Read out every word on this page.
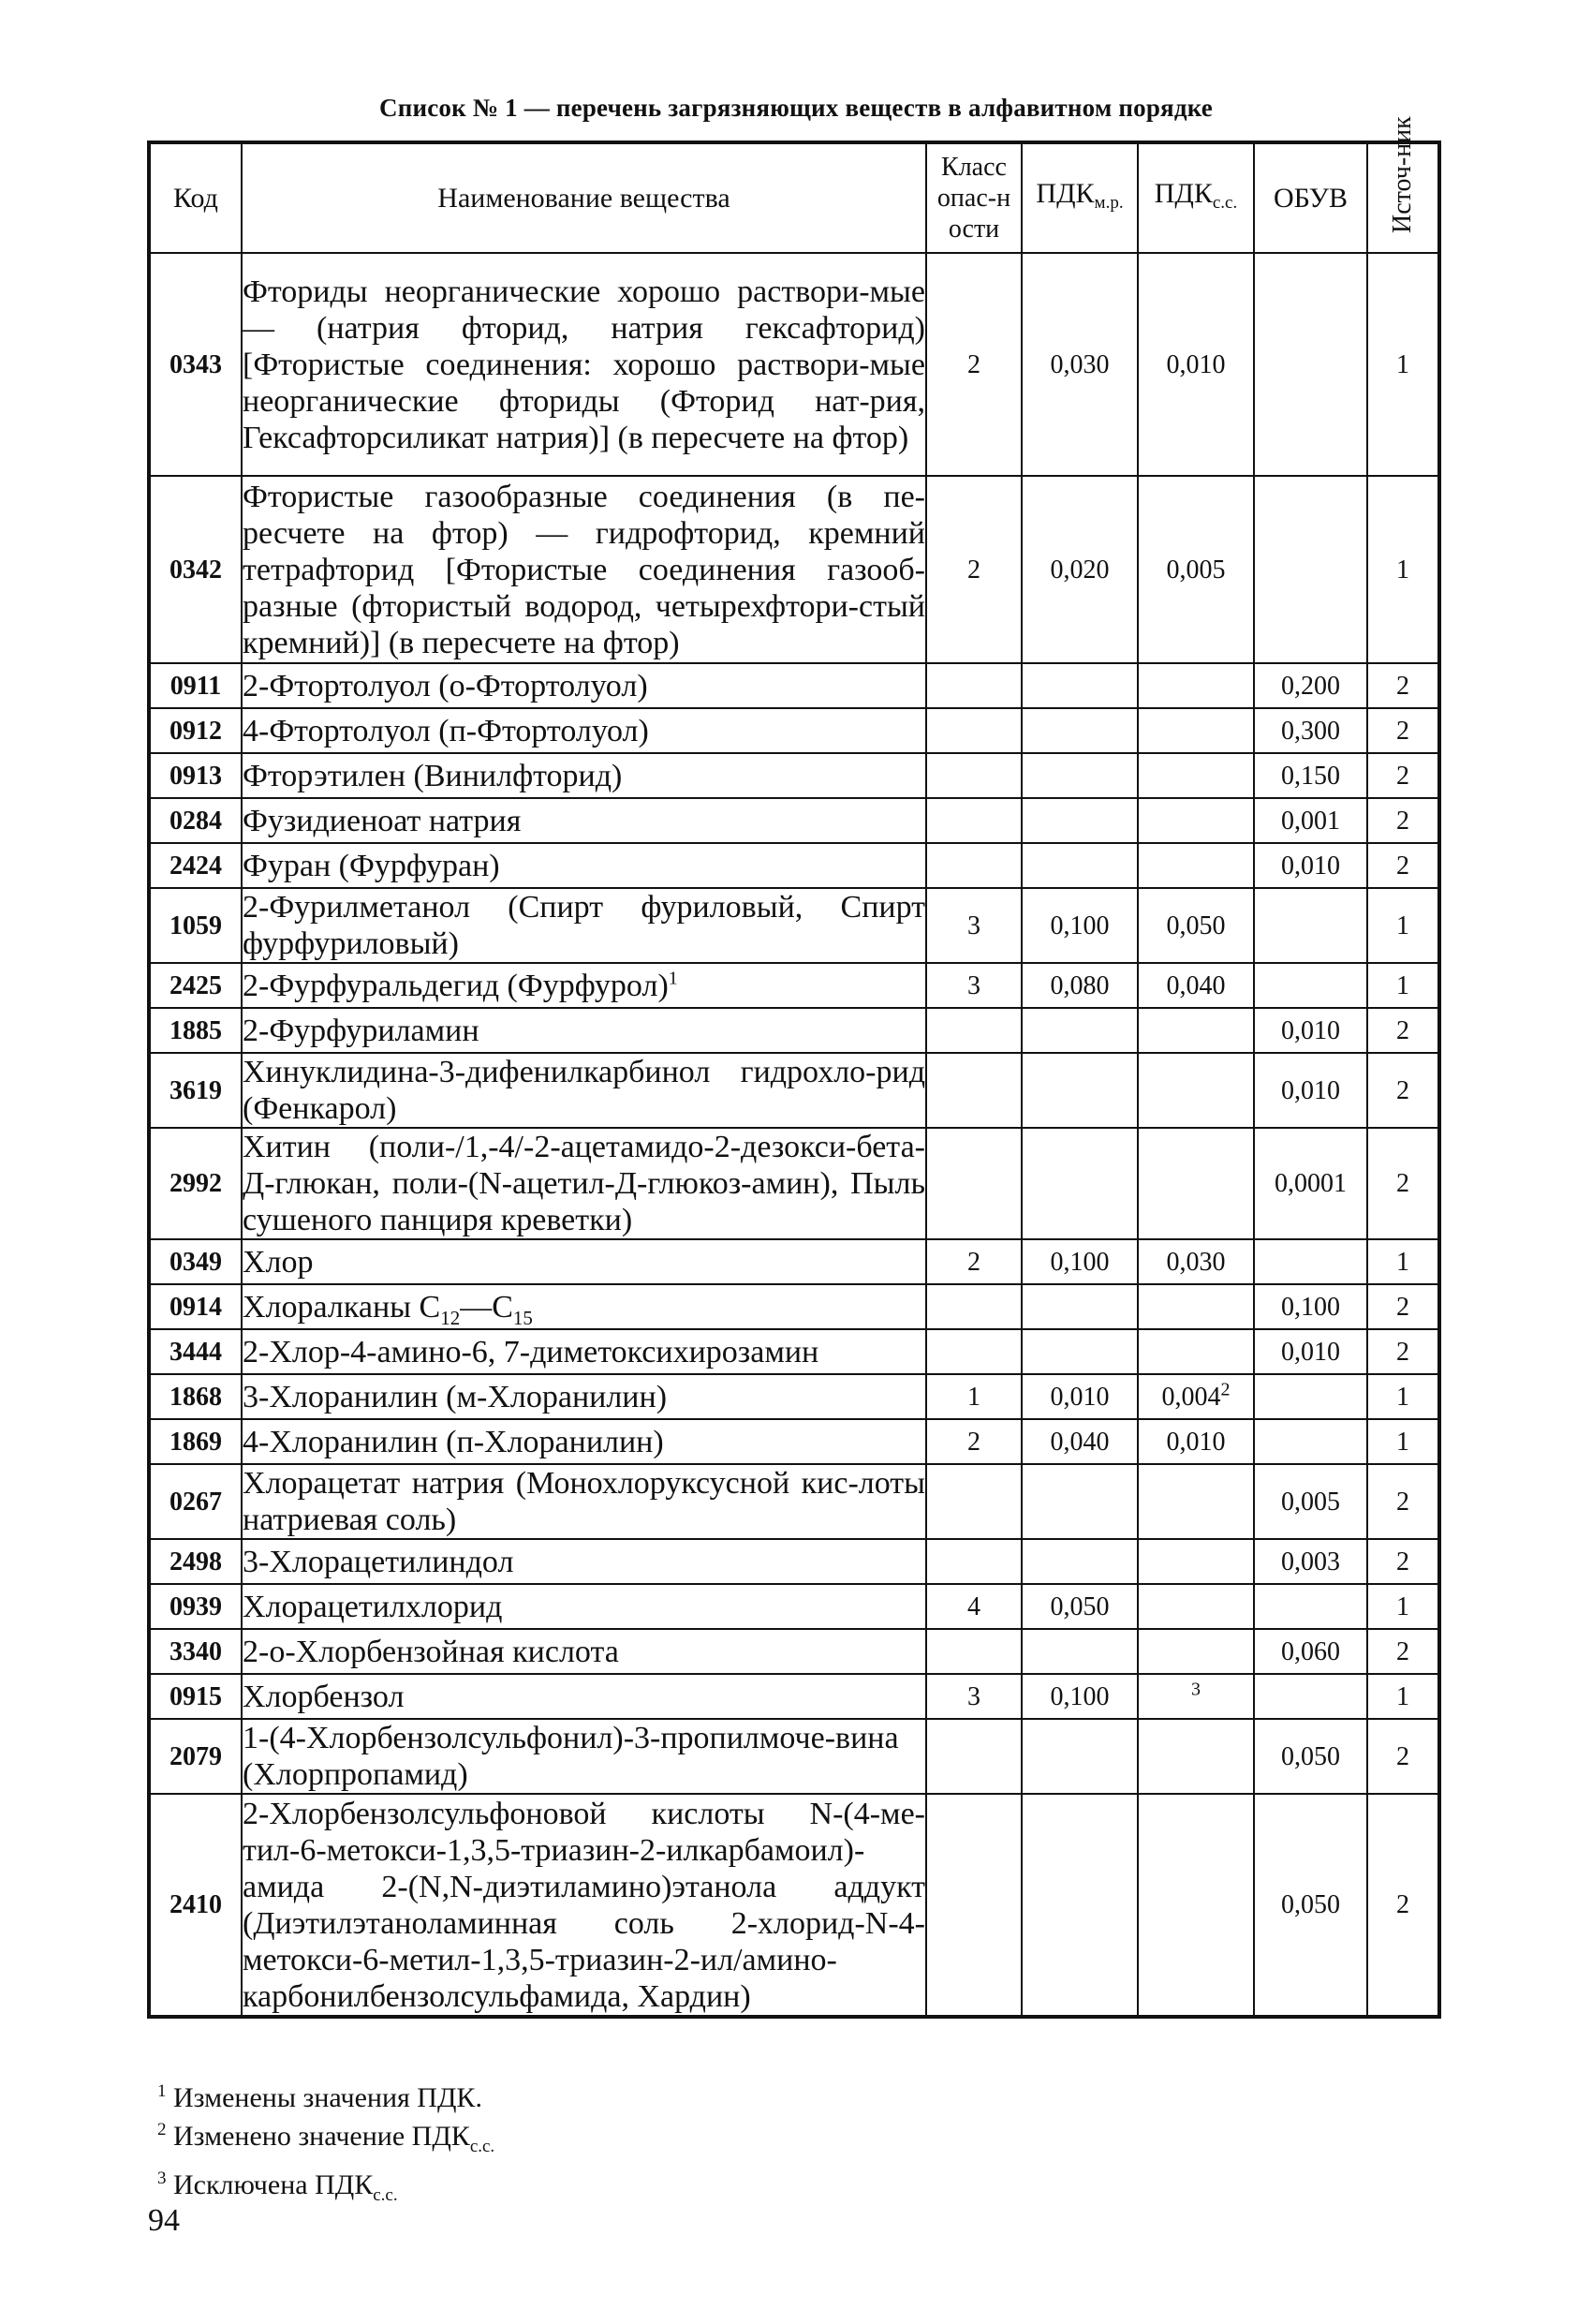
Список № 1 — перечень загрязняющих веществ в алфавитном порядке
Код	Наименование вещества	Класс опас-ности	$ПДК_{м.р.}$	$ПДК_{с.с.}$	ОБУВ	Источ-ник

0343	Фториды неорганические хорошо раствори-мые — (натрия фторид, натрия гексафторид) [Фтористые соединения: хорошо раствори-мые неорганические фториды (Фторид нат-рия, Гексафторсиликат натрия)] (в пересчете на фтор)	2	0,030	0,010		1
0342	Фтористые газообразные соединения (в пе-ресчете на фтор) — гидрофторид, кремний тетрафторид [Фтористые соединения газооб-разные (фтористый водород, четырехфтори-стый кремний)] (в пересчете на фтор)	2	0,020	0,005		1
0911	2-Фтортолуол (о-Фтортолуол)				0,200	2
0912	4-Фтортолуол (п-Фтортолуол)				0,300	2
0913	Фторэтилен (Винилфторид)				0,150	2
0284	Фузидиеноат натрия				0,001	2
2424	Фуран (Фурфуран)				0,010	2
1059	2-Фурилметанол (Спирт фуриловый, Спирт фурфуриловый)	3	0,100	0,050		1
2425	2-Фурфуральдегид (Фурфурол)$^1$	3	0,080	0,040		1
1885	2-Фурфуриламин				0,010	2
3619	Хинуклидина-3-дифенилкарбинол гидрохло-рид (Фенкарол)				0,010	2
2992	Хитин (поли-/1,-4/-2-ацетамидо-2-дезокси-бета-Д-глюкан, поли-(N-ацетил-Д-глюкоз-амин), Пыль сушеного панциря креветки)				0,0001	2
0349	Хлор	2	0,100	0,030		1
0914	Хлоралканы $C_{12}—C_{15}$				0,100	2
3444	2-Хлор-4-амино-6, 7-диметоксихирозамин				0,010	2
1868	3-Хлоранилин (м-Хлоранилин)	1	0,010	0,004$^2$		1
1869	4-Хлоранилин (п-Хлоранилин)	2	0,040	0,010		1
0267	Хлорацетат натрия (Монохлоруксусной кис-лоты натриевая соль)				0,005	2
2498	3-Хлорацетилиндол				0,003	2
0939	Хлорацетилхлорид	4	0,050			1
3340	2-о-Хлорбензойная кислота				0,060	2
0915	Хлорбензол	3	0,100	$^3$		1
2079	1-(4-Хлорбензолсульфонил)-3-пропилмоче-вина (Хлорпропамид)				0,050	2
2410	2-Хлорбензолсульфоновой кислоты N-(4-ме-тил-6-метокси-1,3,5-триазин-2-илкарбамоил)-амида 2-(N,N-диэтиламино)этанола аддукт (Диэтилэтаноламинная соль 2-хлорид-N-4-метокси-6-метил-1,3,5-триазин-2-ил/амино-карбонилбензолсульфамида, Хардин)				0,050	2
$^1$ Изменены значения ПДК.
$^2$ Изменено значение $ПДК_{с.с.}$
$^3$ Исключена $ПДК_{с.с.}$
94
